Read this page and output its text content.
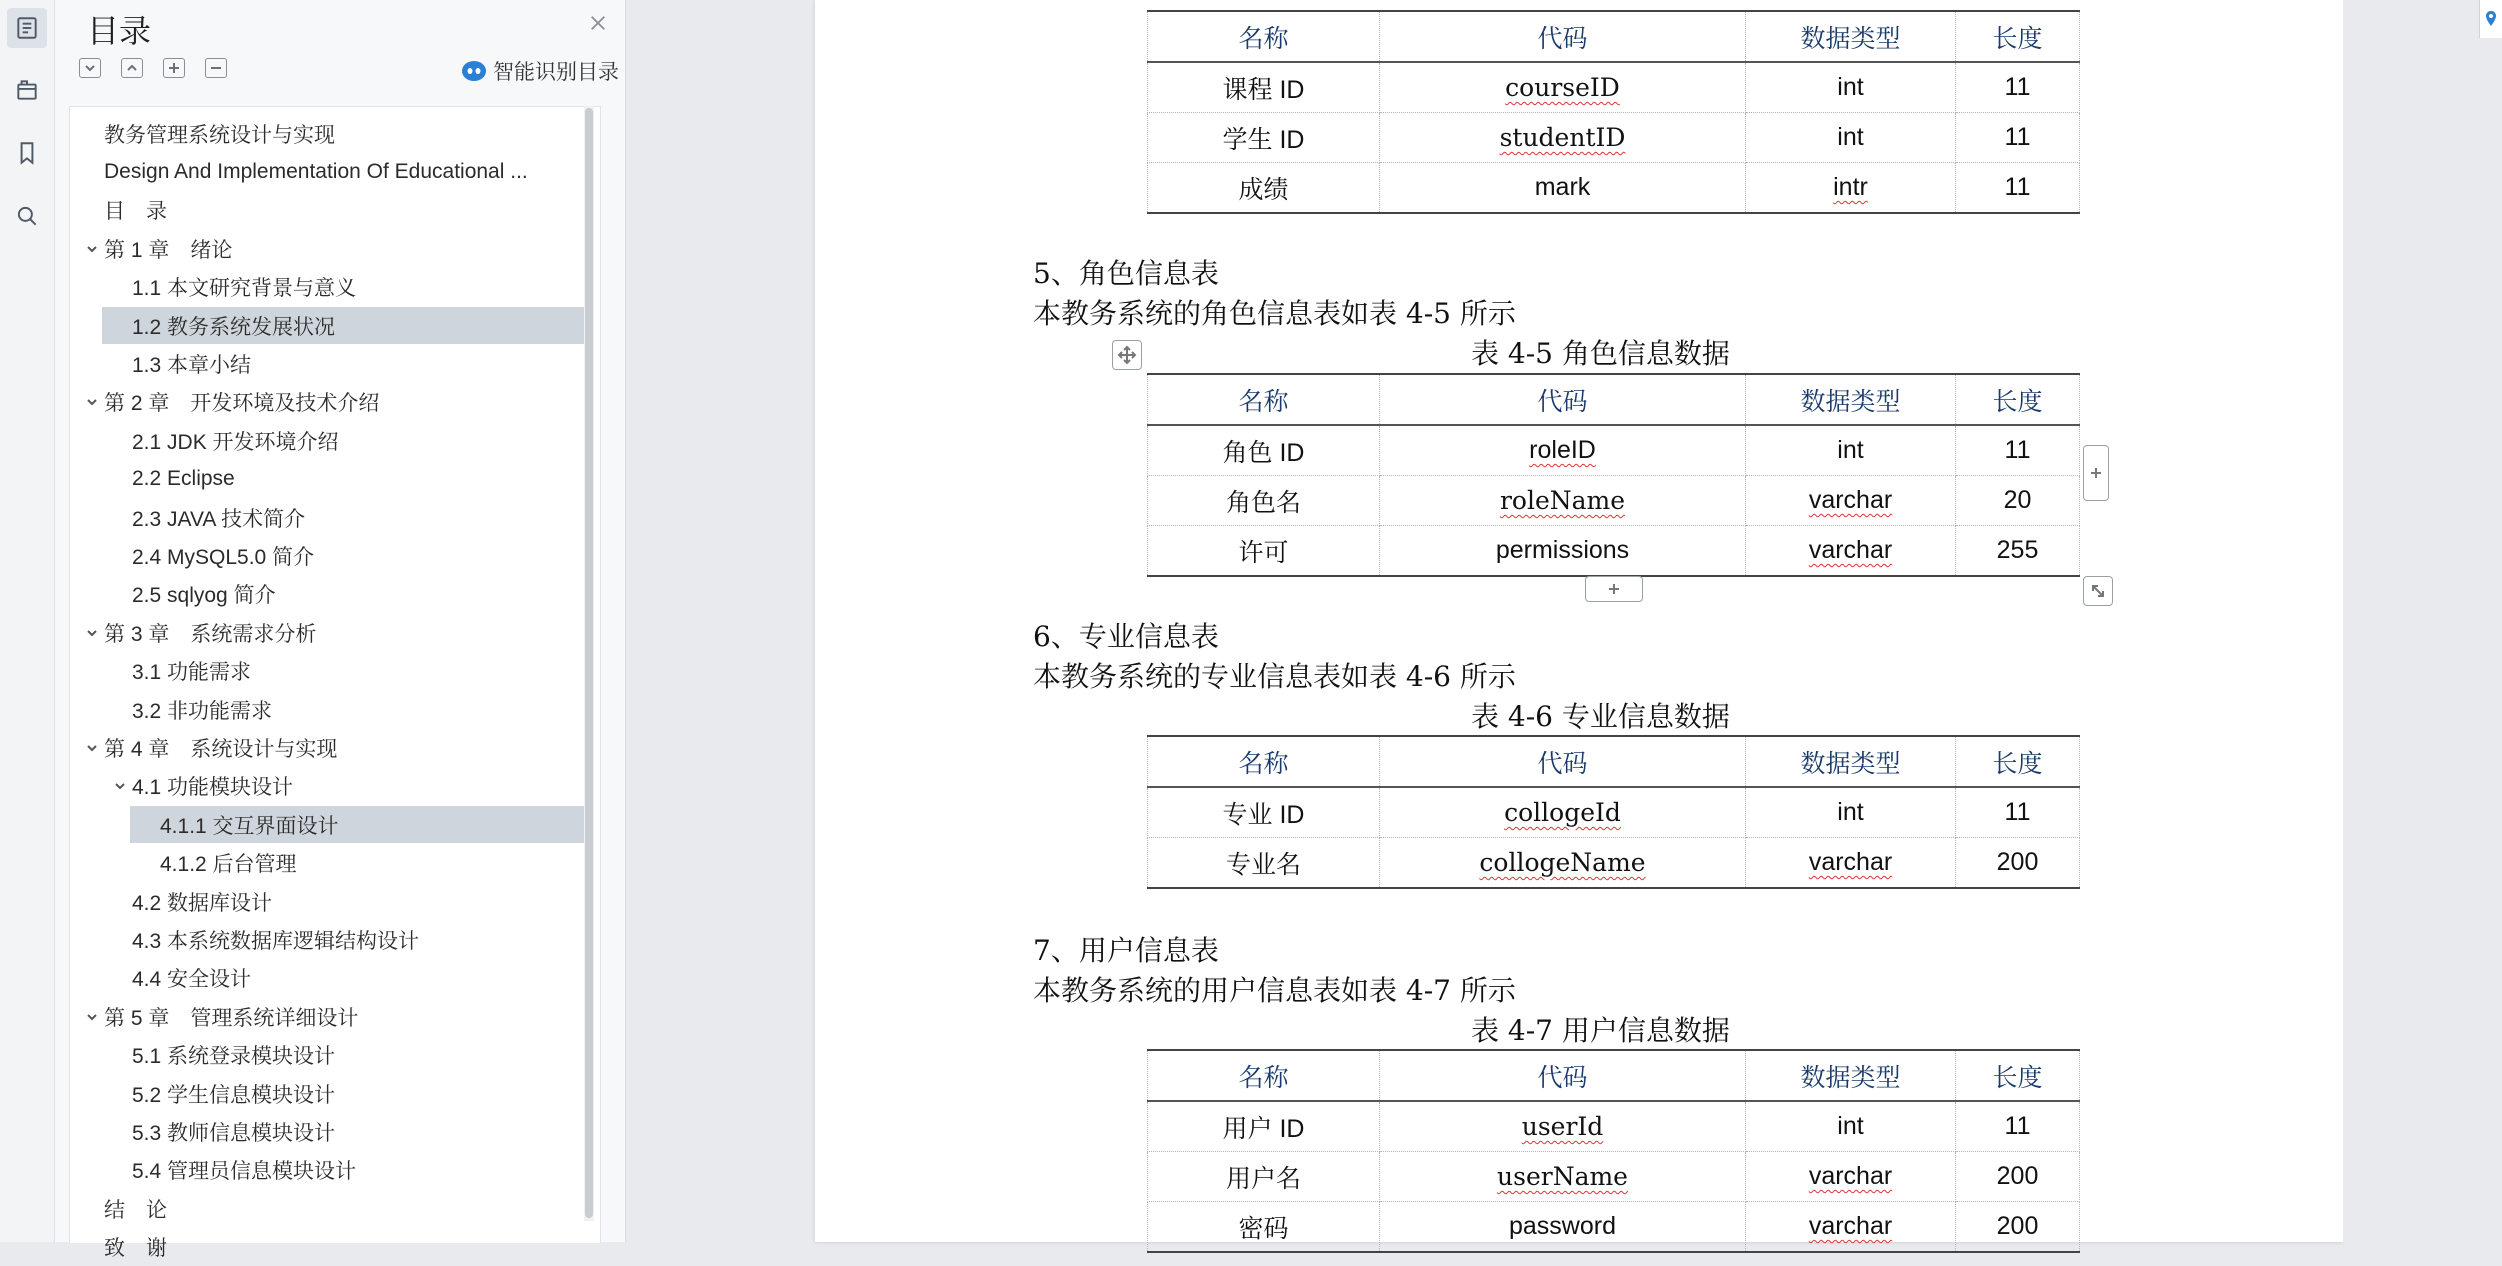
目录
智能识别目录
教务管理系统设计与实现
Design And Implementation Of Educational ...
目　录
第 1 章　绪论
1.1 本文研究背景与意义
1.2 教务系统发展状况
1.3 本章小结
第 2 章　开发环境及技术介绍
2.1 JDK 开发环境介绍
2.2 Eclipse
2.3 JAVA 技术简介
2.4 MySQL5.0 简介
2.5 sqlyog 简介
第 3 章　系统需求分析
3.1 功能需求
3.2 非功能需求
第 4 章　系统设计与实现
4.1 功能模块设计
4.1.1 交互界面设计
4.1.2 后台管理
4.2 数据库设计
4.3 本系统数据库逻辑结构设计
4.4 安全设计
第 5 章　管理系统详细设计
5.1 系统登录模块设计
5.2 学生信息模块设计
5.3 教师信息模块设计
5.4 管理员信息模块设计
结　论
致　谢
名称	代码	数据类型	长度
课程 ID	courseID	int	11
学生 ID	studentID	int	11
成绩	mark	intr	11
5、角色信息表
本教务系统的角色信息表如表 4-5 所示
表 4-5 角色信息数据
名称	代码	数据类型	长度
角色 ID	roleID	int	11
角色名	roleName	varchar	20
许可	permissions	varchar	255
6、专业信息表
本教务系统的专业信息表如表 4-6 所示
表 4-6 专业信息数据
名称	代码	数据类型	长度
专业 ID	collogeId	int	11
专业名	collogeName	varchar	200
7、用户信息表
本教务系统的用户信息表如表 4-7 所示
表 4-7 用户信息数据
名称	代码	数据类型	长度
用户 ID	userId	int	11
用户名	userName	varchar	200
密码	password	varchar	200
